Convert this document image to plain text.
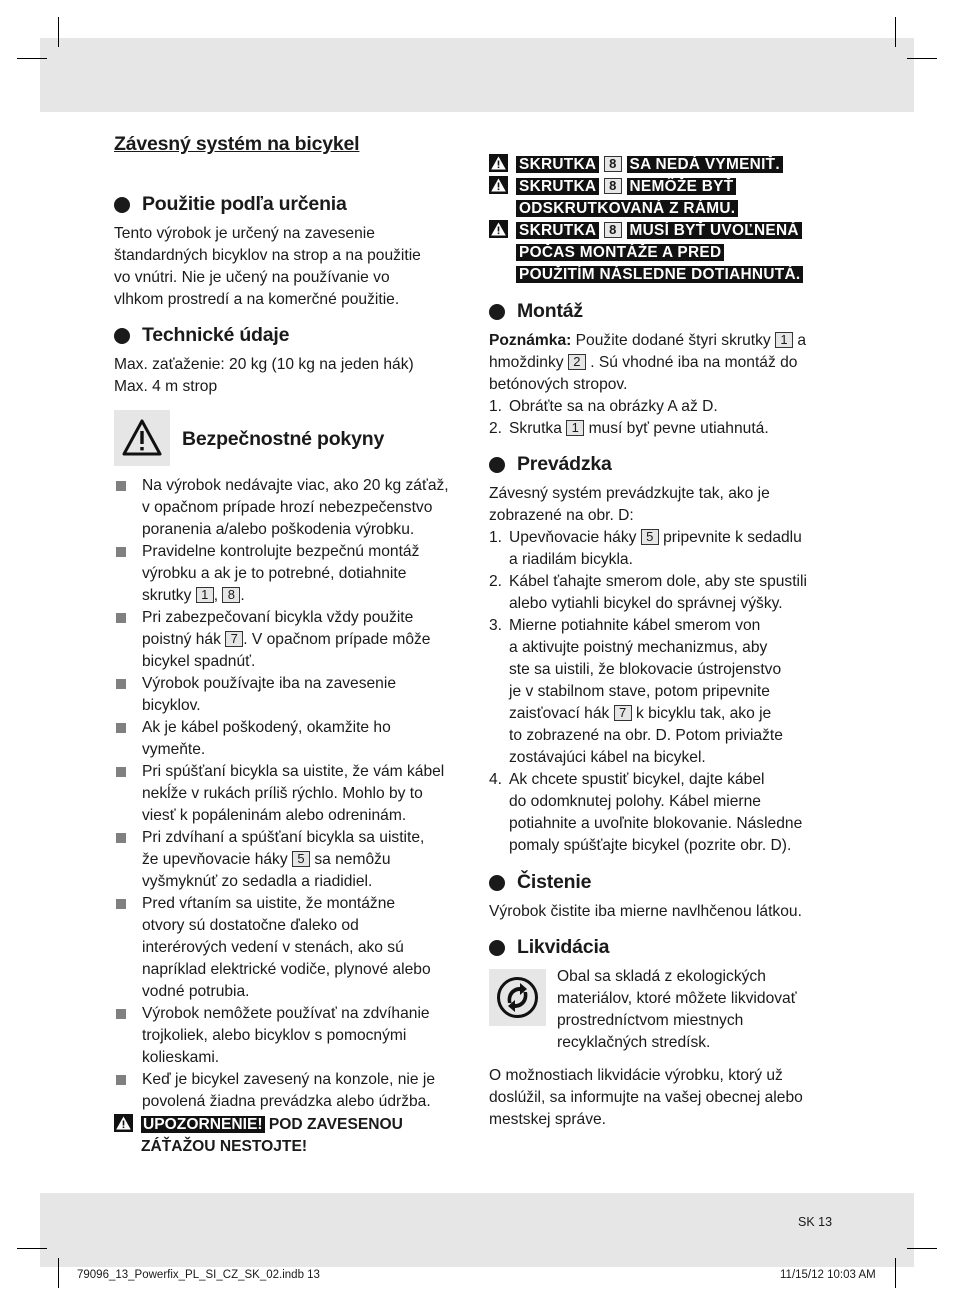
Závesný systém na bicykel
Použitie podľa určenia
Tento výrobok je určený na zavesenie
štandardných bicyklov na strop a na použitie
vo vnútri. Nie je učený na používanie vo
vlhkom prostredí a na komerčné použitie.
Technické údaje
Max. zaťaženie: 20 kg (10 kg na jeden hák)
Max. 4 m strop
Bezpečnostné pokyny
Na výrobok nedávajte viac, ako 20 kg záťaž,
v opačnom prípade hrozí nebezpečenstvo
poranenia a/alebo poškodenia výrobku.
Pravidelne kontrolujte bezpečnú montáž
výrobku a ak je to potrebné, dotiahnite
skrutky 1 , 8 .
Pri zabezpečovaní bicykla vždy použite
poistný hák 7 . V opačnom prípade môže
bicykel spadnúť.
Výrobok používajte iba na zavesenie
bicyklov.
Ak je kábel poškodený, okamžite ho
vymeňte.
Pri spúšťaní bicykla sa uistite, že vám kábel
nekĺže v rukách príliš rýchlo. Mohlo by to
viesť k popáleninám alebo odreninám.
Pri zdvíhaní a spúšťaní bicykla sa uistite,
že upevňovacie háky 5 sa nemôžu
vyšmyknúť zo sedadla a riadidiel.
Pred vŕtaním sa uistite, že montážne
otvory sú dostatočne ďaleko od
interérových vedení v stenách, ako sú
napríklad elektrické vodiče, plynové alebo
vodné potrubia.
Výrobok nemôžete používať na zdvíhanie
trojkoliek, alebo bicyklov s pomocnými
kolieskami.
Keď je bicykel zavesený na konzole, nie je
povolená žiadna prevádzka alebo údržba.
UPOZORNENIE! POD ZAVESENOU
ZÁŤAŽOU NESTOJTE!
SKRUTKA 8 SA NEDÁ VYMENIŤ.
SKRUTKA 8 NEMÔŽE BYŤ
ODSKRUTKOVANÁ Z RÁMU.
SKRUTKA 8 MUSÍ BYŤ UVOĽNENÁ
POČAS MONTÁŽE A PRED
POUŽITÍM NÁSLEDNE DOTIAHNUTÁ.
Montáž
Poznámka: Použite dodané štyri skrutky 1 a
hmoždinky 2 . Sú vhodné iba na montáž do
betónových stropov.
1. Obráťte sa na obrázky A až D.
2. Skrutka 1 musí byť pevne utiahnutá.
Prevádzka
Závesný systém prevádzkujte tak, ako je
zobrazené na obr. D:
1. Upevňovacie háky 5 pripevnite k sedadlu
a riadilám bicykla.
2. Kábel ťahajte smerom dole, aby ste spustili
alebo vytiahli bicykel do správnej výšky.
3. Mierne potiahnite kábel smerom von
a aktivujte poistný mechanizmus, aby
ste sa uistili, že blokovacie ústrojenstvo
je v stabilnom stave, potom pripevnite
zaisťovací hák 7 k bicyklu tak, ako je
to zobrazené na obr. D. Potom priviažte
zostávajúci kábel na bicykel.
4. Ak chcete spustiť bicykel, dajte kábel
do odomknutej polohy. Kábel mierne
potiahnite a uvoľnite blokovanie. Následne
pomaly spúšťajte bicykel (pozrite obr. D).
Čistenie
Výrobok čistite iba mierne navlhčenou látkou.
Likvidácia
Obal sa skladá z ekologických
materiálov, ktoré môžete likvidovať
prostredníctvom miestnych
recyklačných stredísk.
O možnostiach likvidácie výrobku, ktorý už
doslúžil, sa informujte na vašej obecnej alebo
mestskej správe.
SK 13
79096_13_Powerfix_PL_SI_CZ_SK_02.indb 13	11/15/12 10:03 AM
